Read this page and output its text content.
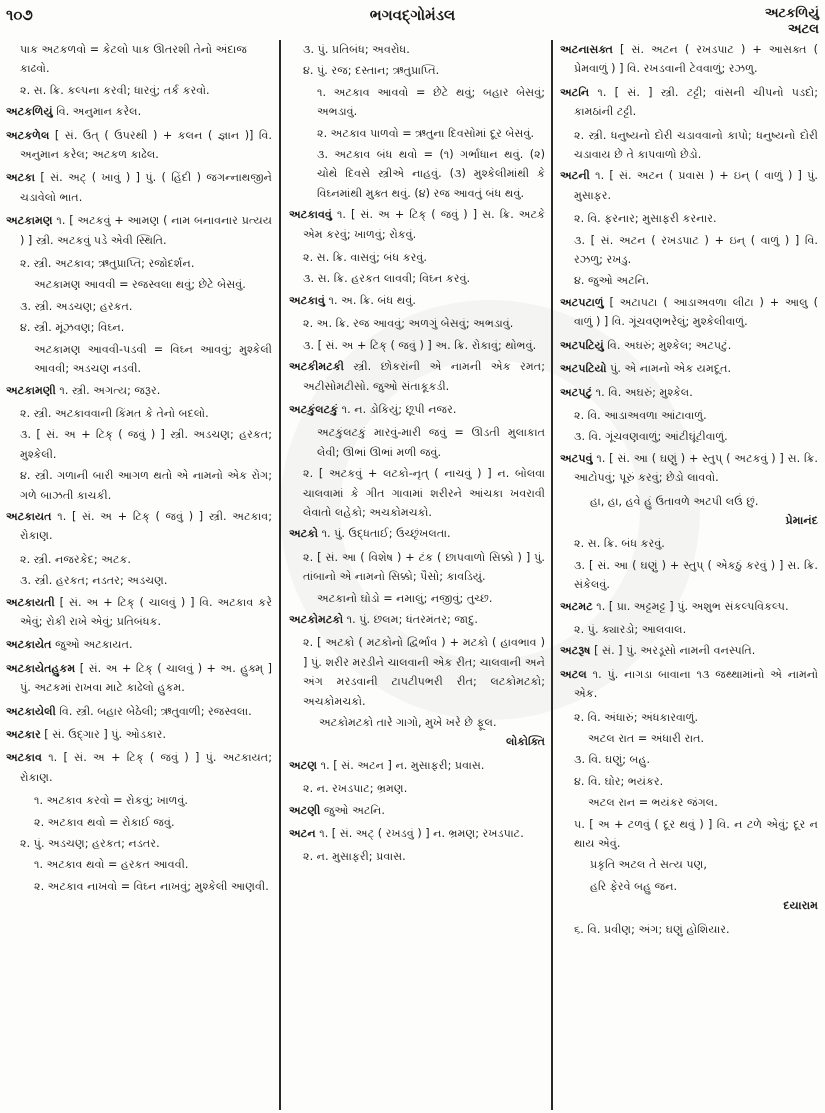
૧૦૭	ભગવદ્ગોમંડલ	અટકળિયું
અટલ
પાક અટકળવો = કેટલો પાક ઊતરશી તેનો અંદાજ કાઢવો.
૨. સ. ક્રિ. કલ્પના કરવી; ધારવું; તર્ક કરવો.
અટકળિયું વિ. અનુમાન કરેલ.
અટકળેલ [ સં. ઉત્ ( ઉપરથી ) + કલન ( જ્ઞાન )] વિ. અનુમાન કરેલ; અટકળ કાઢેલ.
અટકા [ સં. અટ્ ( ખાવું ) ] પું. ( હિંદી ) જગન્નાથજીને ચડાવેલો ભાત.
અટકામણ ૧. [ અટકવું + આમણ ( નામ બનાવનાર પ્રત્યય ) ] સ્ત્રી. અટકવું પડે એવી સ્થિતિ.
૨. સ્ત્રી. અટકાવ; ઋતુપ્રાપ્તિ; રજોદર્શન.
અટકામણ આવવી = રજસ્વલા થવું; છેટે બેસવું.
૩. સ્ત્રી. અડચણ; હરકત.
૪. સ્ત્રી. મૂંઝવણ; વિઘ્ન.
અટકામણ આવવી-પડવી = વિઘ્ન આવવું; મુશ્કેલી આવવી; અડચણ નડવી.
અટકામણી ૧. સ્ત્રી. અગત્ય; જરૂર.
૨. સ્ત્રી. અટકાવવાની કિંમત કે તેનો બદલો.
૩. [ સં. અ + ટિક્ ( જવું ) ] સ્ત્રી. અડચણ; હરકત; મુશ્કેલી.
૪. સ્ત્રી. ગળાની બારી આગળ થતો એ નામનો એક રોગ; ગળે બાઝતી કાચકી.
અટકાયત ૧. [ સં. અ + ટિક્ ( જવું ) ] સ્ત્રી. અટકાવ; રોકાણ.
૨. સ્ત્રી. નજરકેદ; અટક.
૩. સ્ત્રી. હરકત; નડતર; અડચણ.
અટકાયતી [ સં. અ + ટિક્ ( ચાલવું ) ] વિ. અટકાવ કરે એવું; રોકી રાખે એવું; પ્રતિબંધક.
અટકાયેત જુઓ અટકાયત.
અટકાયેતહુકમ [ સં. અ + ટિક્ ( ચાલવું ) + અ. હુક્મ્ ] પું. અટકમાં રાખવા માટે કાઢેલો હુકમ.
અટકાયેલી વિ. સ્ત્રી. બહાર બેઠેલી; ઋતુવાળી; રજસ્વલા.
અટકાર [ સં. ઉદ્ગાર ] પું. ઓડકાર.
અટકાવ ૧. [ સં. અ + ટિક્ ( જવું ) ] પું. અટકાયત; રોકાણ.
૧. અટકાવ કરવો = રોકવું; ખાળવું.
૨. અટકાવ થવો = રોકાઈ જવું.
૨. પું. અડચણ; હરકત; નડતર.
૧. અટકાવ થવો = હરકત આવવી.
૨. અટકાવ નાખવો = વિઘ્ન નાખવું; મુશ્કેલી આણવી.
૩. પું. પ્રતિબંધ; અવરોધ.
૪. પું. રજ; દસ્તાન; ઋતુપ્રાપ્તિ.
૧. અટકાવ આવવો = છેટે થવું; બહાર બેસવું; અભડાવું.
૨. અટકાવ પાળવો = ઋતુના દિવસોમાં દૂર બેસવું.
૩. અટકાવ બંધ થવો = (૧) ગર્ભાધાન થવું. (૨) ચોથે દિવસે સ્ત્રીએ નાહવું. (૩) મુશ્કેલીમાંથી કે વિઘ્નમાંથી મુક્ત થવું. (૪) રજ આવતું બંધ થવું.
અટકાવવું ૧. [ સં. અ + ટિક્ ( જવું ) ] સ. ક્રિ. અટકે એમ કરવું; ખાળવું; રોકવું.
૨. સ. ક્રિ. વાસવું; બંધ કરવું.
૩. સ. ક્રિ. હરકત લાવવી; વિઘ્ન કરવું.
અટકાવું ૧. અ. ક્રિ. બંધ થવું.
૨. અ. ક્રિ. રજ આવવું; અળગું બેસવું; અભડાવું.
૩. [ સં. અ + ટિક્ ( જવું ) ] અ. ક્રિ. રોકાવું; થોભવું.
અટકીમટકી સ્ત્રી. છોકરાંની એ નામની એક રમત; અટીસોમટીસો. જુઓ સંતાકૂકડી.
અટકુંલટકું ૧. ન. ડોકિયું; છૂપી નજર.
અટકુંલટકું મારવું-મારી જવું = ઊડતી મુલાકાત લેવી; ઊભાં ઊભાં મળી જવું.
૨. [ અટકવું + લટકો-નૃત્ ( નાચવું ) ] ન. બોલવા ચાલવામાં કે ગીત ગાવામાં શરીરને આંચકા ખવરાવી લેવાતો લહેકો; અચકોમચકો.
અટકો ૧. પું. ઉદ્ધતાઈ; ઉચ્છૃંખલતા.
૨. [ સં. આ ( વિશેષ ) + ટંક ( છાપવાળો સિક્કો ) ] પું. તાંબાનો એ નામનો સિક્કો; પૈસો; કાવડિયું.
અટકાનો ઘોડો = નમાલું; નજીવું; તુચ્છ.
અટકોમટકો ૧. પું. છલમ; ધંતરમંતર; જાદુ.
૨. [ અટકો ( મટકોનો દ્વિર્ભાવ ) + મટકો ( હાવભાવ ) ] પું. શરીર મરડીને ચાલવાની એક રીત; ચાલવાની અને અંગ મરડવાની ટાપટીપભરી રીત; લટકોમટકો; અચકોમચકો.
અટકોમટકો તારે ગાગો, મુખે ખરે છે ફૂલ.
લોકોક્તિ
અટણ ૧. [ સં. અટન ] ન. મુસાફરી; પ્રવાસ.
૨. ન. રખડપાટ; ભ્રમણ.
અટણી જુઓ અટનિ.
અટન ૧. [ સં. અટ્ ( રખડવું ) ] ન. ભ્રમણ; રખડપાટ.
૨. ન. મુસાફરી; પ્રવાસ.
અટનાસક્ત [ સં. અટન ( રખડપાટ ) + આસક્ત ( પ્રેમવાળું ) ] વિ. રખડવાની ટેવવાળું; રઝળુ.
અટનિ ૧. [ સં. ] સ્ત્રી. ટટ્ટી; વાંસની ચીપનો પડદો; કામઠાંની ટટ્ટી.
૨. સ્ત્રી. ધનુષ્યનો દોરી ચડાવવાનો કાપો; ધનુષ્યનો દોરી ચડાવાય છે તે કાપવાળો છેડો.
અટની ૧. [ સં. અટન ( પ્રવાસ ) + ઇન્ ( વાળું ) ] પું. મુસાફર.
૨. વિ. ફરનાર; મુસાફરી કરનાર.
૩. [ સં. અટન ( રખડપાટ ) + ઇન્ ( વાળું ) ] વિ. રઝળુ; રખડુ.
૪. જુઓ અટનિ.
અટપટાળું [ અટાપટા ( આડાઅવળા લીટા ) + આલુ ( વાળું ) ] વિ. ગૂંચવણભરેલું; મુશ્કેલીવાળું.
અટપટિયું વિ. અઘરું; મુશ્કેલ; અટપટું.
અટપટિયો પું. એ નામનો એક યમદૂત.
અટપટું ૧. વિ. અઘરું; મુશ્કેલ.
૨. વિ. આડાઅવળા આંટાવાળું.
૩. વિ. ગૂંચવણવાળું; આંટીઘૂંટીવાળું.
અટપવું ૧. [ સં. આ ( ઘણું ) + સ્તુપ્ ( અટકવું ) ] સ. ક્રિ. આટોપવું; પૂરું કરવું; છેડો લાવવો.
હા, હા, હવે હું ઉતાવળે અટપી લઉં છું.
પ્રેમાનંદ
૨. સ. ક્રિ. બંધ કરવું.
૩. [ સં. આ ( ઘણું ) + સ્તુપ્ ( એકઠું કરવું ) ] સ. ક્રિ. સંકેલવું.
અટમટ ૧. [ પ્રા. અટ્ટમટ્ટ ] પું. અશુભ સંકલ્પવિકલ્પ.
૨. પું. ક્યારડો; આલવાલ.
અટરૂષ [ સં. ] પું. અરડૂસો નામની વનસ્પતિ.
અટલ ૧. પું. નાગડા બાવાના ૧૩ જથ્થામાંનો એ નામનો એક.
૨. વિ. અંધારું; અંધકારવાળું.
અટલ રાત = અંધારી રાત.
૩. વિ. ઘણું; બહુ.
૪. વિ. ઘોર; ભયંકર.
અટલ રાન = ભયંકર જંગલ.
૫. [ અ + ટળવું ( દૂર થવું ) ] વિ. ન ટળે એવું; દૂર ન થાય એવું.
પ્રકૃતિ અટલ તે સત્ય પણ,
હરિ ફેરવે બહુ જન.
દયારામ
૬. વિ. પ્રવીણ; અંગ; ઘણું હોશિયાર.
